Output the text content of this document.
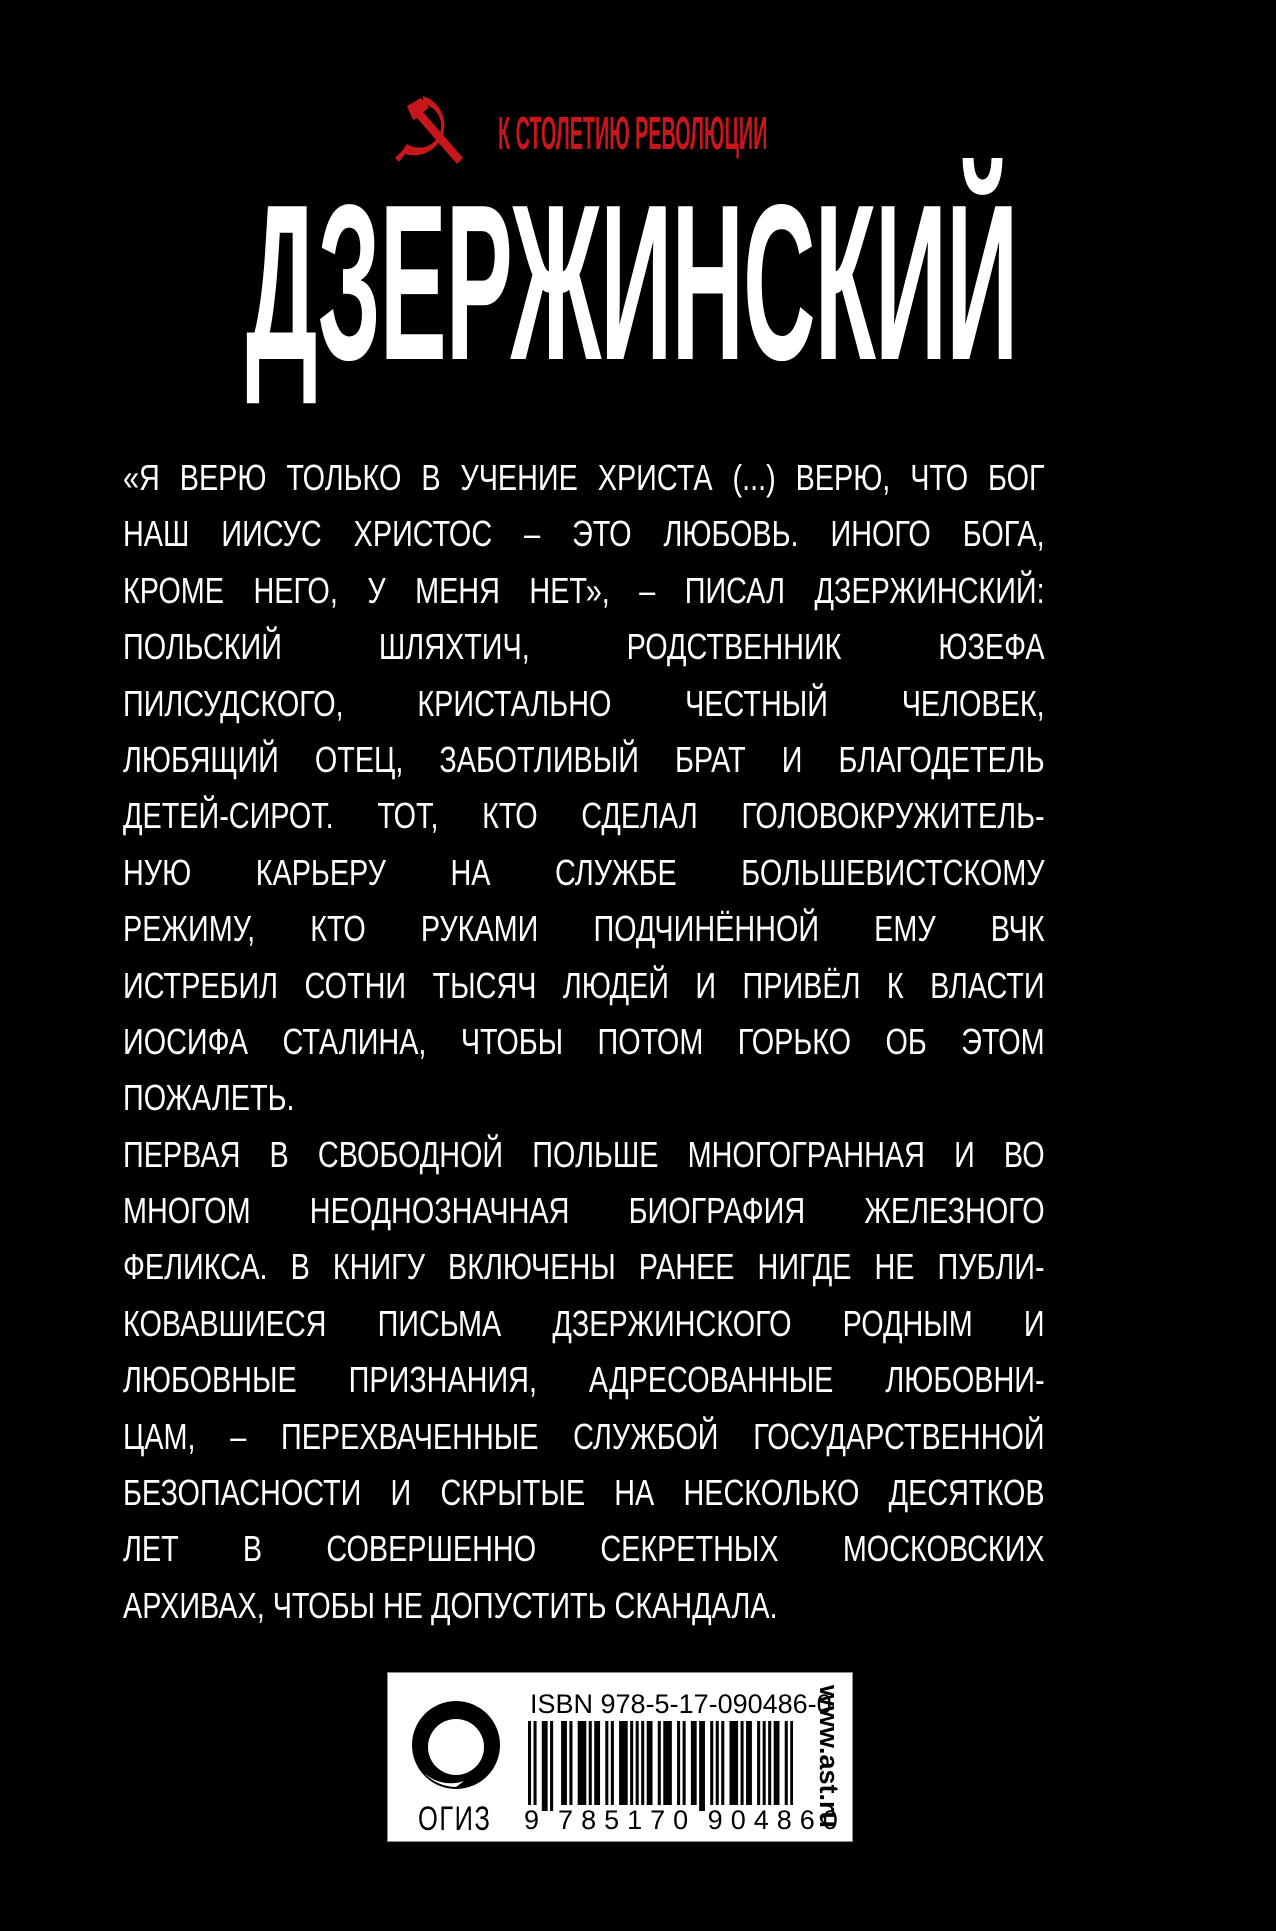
К СТОЛЕТИЮ РЕВОЛЮЦИИ
ДЗЕРЖИНСКИЙ
«Я ВЕРЮ ТОЛЬКО В УЧЕНИЕ ХРИСТА (...) ВЕРЮ, ЧТО БОГ
НАШ ИИСУС ХРИСТОС – ЭТО ЛЮБОВЬ. ИНОГО БОГА,
КРОМЕ НЕГО, У МЕНЯ НЕТ», – ПИСАЛ ДЗЕРЖИНСКИЙ:
ПОЛЬСКИЙ ШЛЯХТИЧ, РОДСТВЕННИК ЮЗЕФА
ПИЛСУДСКОГО, КРИСТАЛЬНО ЧЕСТНЫЙ ЧЕЛОВЕК,
ЛЮБЯЩИЙ ОТЕЦ, ЗАБОТЛИВЫЙ БРАТ И БЛАГОДЕТЕЛЬ
ДЕТЕЙ-СИРОТ. ТОТ, КТО СДЕЛАЛ ГОЛОВОКРУЖИТЕЛЬ-
НУЮ КАРЬЕРУ НА СЛУЖБЕ БОЛЬШЕВИСТСКОМУ
РЕЖИМУ, КТО РУКАМИ ПОДЧИНЁННОЙ ЕМУ ВЧК
ИСТРЕБИЛ СОТНИ ТЫСЯЧ ЛЮДЕЙ И ПРИВЁЛ К ВЛАСТИ
ИОСИФА СТАЛИНА, ЧТОБЫ ПОТОМ ГОРЬКО ОБ ЭТОМ
ПОЖАЛЕТЬ.
ПЕРВАЯ В СВОБОДНОЙ ПОЛЬШЕ МНОГОГРАННАЯ И ВО
МНОГОМ НЕОДНОЗНАЧНАЯ БИОГРАФИЯ ЖЕЛЕЗНОГО
ФЕЛИКСА. В КНИГУ ВКЛЮЧЕНЫ РАНЕЕ НИГДЕ НЕ ПУБЛИ-
КОВАВШИЕСЯ ПИСЬМА ДЗЕРЖИНСКОГО РОДНЫМ И
ЛЮБОВНЫЕ ПРИЗНАНИЯ, АДРЕСОВАННЫЕ ЛЮБОВНИ-
ЦАМ, – ПЕРЕХВАЧЕННЫЕ СЛУЖБОЙ ГОСУДАРСТВЕННОЙ
БЕЗОПАСНОСТИ И СКРЫТЫЕ НА НЕСКОЛЬКО ДЕСЯТКОВ
ЛЕТ В СОВЕРШЕННО СЕКРЕТНЫХ МОСКОВСКИХ
АРХИВАХ, ЧТОБЫ НЕ ДОПУСТИТЬ СКАНДАЛА.
ОГИЗ
ISBN 978-5-17-090486-0
9 785170 904860
www.ast.ru
